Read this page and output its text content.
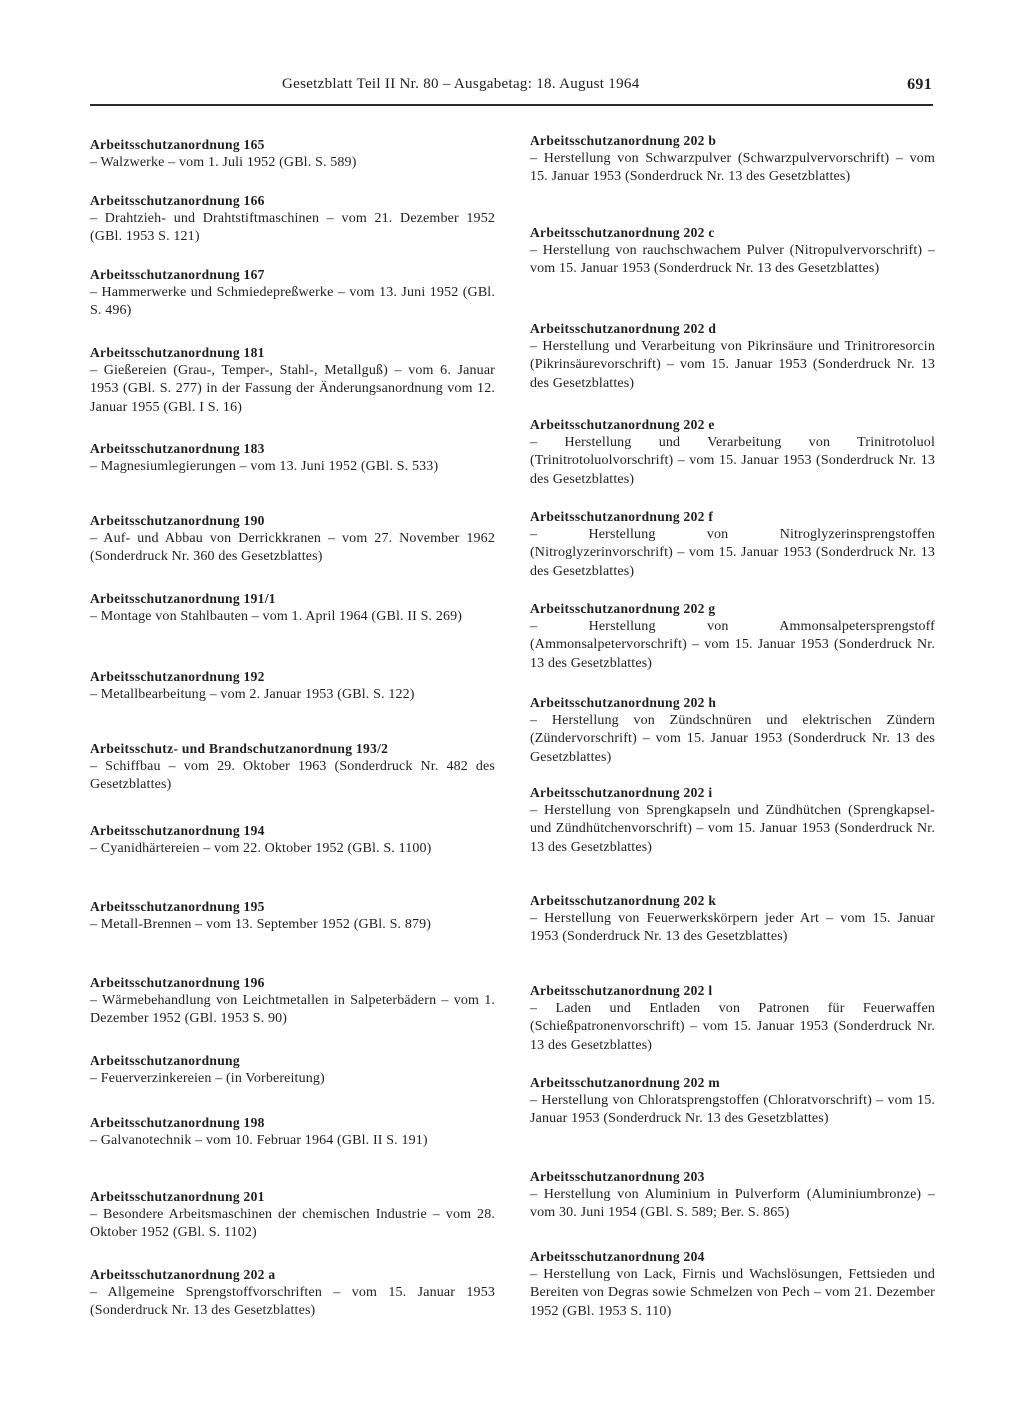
Gesetzblatt Teil II Nr. 80 – Ausgabetag: 18. August 1964	691
Arbeitsschutzanordnung 165
– Walzwerke – vom 1. Juli 1952 (GBl. S. 589)
Arbeitsschutzanordnung 166
– Drahtzieh- und Drahtstiftmaschinen – vom 21. Dezember 1952 (GBl. 1953 S. 121)
Arbeitsschutzanordnung 167
– Hammerwerke und Schmiedepreßwerke – vom 13. Juni 1952 (GBl. S. 496)
Arbeitsschutzanordnung 181
– Gießereien (Grau-, Temper-, Stahl-, Metallguß) – vom 6. Januar 1953 (GBl. S. 277) in der Fassung der Änderungsanordnung vom 12. Januar 1955 (GBl. I S. 16)
Arbeitsschutzanordnung 183
– Magnesiumlegierungen – vom 13. Juni 1952 (GBl. S. 533)
Arbeitsschutzanordnung 190
– Auf- und Abbau von Derrickkranen – vom 27. November 1962 (Sonderdruck Nr. 360 des Gesetzblattes)
Arbeitsschutzanordnung 191/1
– Montage von Stahlbauten – vom 1. April 1964 (GBl. II S. 269)
Arbeitsschutzanordnung 192
– Metallbearbeitung – vom 2. Januar 1953 (GBl. S. 122)
Arbeitsschutz- und Brandschutzanordnung 193/2
– Schiffbau – vom 29. Oktober 1963 (Sonderdruck Nr. 482 des Gesetzblattes)
Arbeitsschutzanordnung 194
– Cyanidhärtereien – vom 22. Oktober 1952 (GBl. S. 1100)
Arbeitsschutzanordnung 195
– Metall-Brennen – vom 13. September 1952 (GBl. S. 879)
Arbeitsschutzanordnung 196
– Wärmebehandlung von Leichtmetallen in Salpeterbädern – vom 1. Dezember 1952 (GBl. 1953 S. 90)
Arbeitsschutzanordnung
– Feuerverzinkereien – (in Vorbereitung)
Arbeitsschutzanordnung 198
– Galvanotechnik – vom 10. Februar 1964 (GBl. II S. 191)
Arbeitsschutzanordnung 201
– Besondere Arbeitsmaschinen der chemischen Industrie – vom 28. Oktober 1952 (GBl. S. 1102)
Arbeitsschutzanordnung 202 a
– Allgemeine Sprengstoffvorschriften – vom 15. Januar 1953 (Sonderdruck Nr. 13 des Gesetzblattes)
Arbeitsschutzanordnung 202 b
– Herstellung von Schwarzpulver (Schwarzpulvervorschrift) – vom 15. Januar 1953 (Sonderdruck Nr. 13 des Gesetzblattes)
Arbeitsschutzanordnung 202 c
– Herstellung von rauchschwachem Pulver (Nitropulvervorschrift) – vom 15. Januar 1953 (Sonderdruck Nr. 13 des Gesetzblattes)
Arbeitsschutzanordnung 202 d
– Herstellung und Verarbeitung von Pikrinsäure und Trinitroresorcin (Pikrinsäurevorschrift) – vom 15. Januar 1953 (Sonderdruck Nr. 13 des Gesetzblattes)
Arbeitsschutzanordnung 202 e
– Herstellung und Verarbeitung von Trinitrotoluol (Trinitrotoluolvorschrift) – vom 15. Januar 1953 (Sonderdruck Nr. 13 des Gesetzblattes)
Arbeitsschutzanordnung 202 f
– Herstellung von Nitroglyzerinsprengstoffen (Nitroglyzerinvorschrift) – vom 15. Januar 1953 (Sonderdruck Nr. 13 des Gesetzblattes)
Arbeitsschutzanordnung 202 g
– Herstellung von Ammonsalpetersprengstoff (Ammonsalpetervorschrift) – vom 15. Januar 1953 (Sonderdruck Nr. 13 des Gesetzblattes)
Arbeitsschutzanordnung 202 h
– Herstellung von Zündschnüren und elektrischen Zündern (Zündervorschrift) – vom 15. Januar 1953 (Sonderdruck Nr. 13 des Gesetzblattes)
Arbeitsschutzanordnung 202 i
– Herstellung von Sprengkapseln und Zündhütchen (Sprengkapsel- und Zündhütchenvorschrift) – vom 15. Januar 1953 (Sonderdruck Nr. 13 des Gesetzblattes)
Arbeitsschutzanordnung 202 k
– Herstellung von Feuerwerkskörpern jeder Art – vom 15. Januar 1953 (Sonderdruck Nr. 13 des Gesetzblattes)
Arbeitsschutzanordnung 202 l
– Laden und Entladen von Patronen für Feuerwaffen (Schießpatronenvorschrift) – vom 15. Januar 1953 (Sonderdruck Nr. 13 des Gesetzblattes)
Arbeitsschutzanordnung 202 m
– Herstellung von Chloratsprengstoffen (Chloratvorschrift) – vom 15. Januar 1953 (Sonderdruck Nr. 13 des Gesetzblattes)
Arbeitsschutzanordnung 203
– Herstellung von Aluminium in Pulverform (Aluminiumbronze) – vom 30. Juni 1954 (GBl. S. 589; Ber. S. 865)
Arbeitsschutzanordnung 204
– Herstellung von Lack, Firnis und Wachslösungen, Fettsieden und Bereiten von Degras sowie Schmelzen von Pech – vom 21. Dezember 1952 (GBl. 1953 S. 110)
